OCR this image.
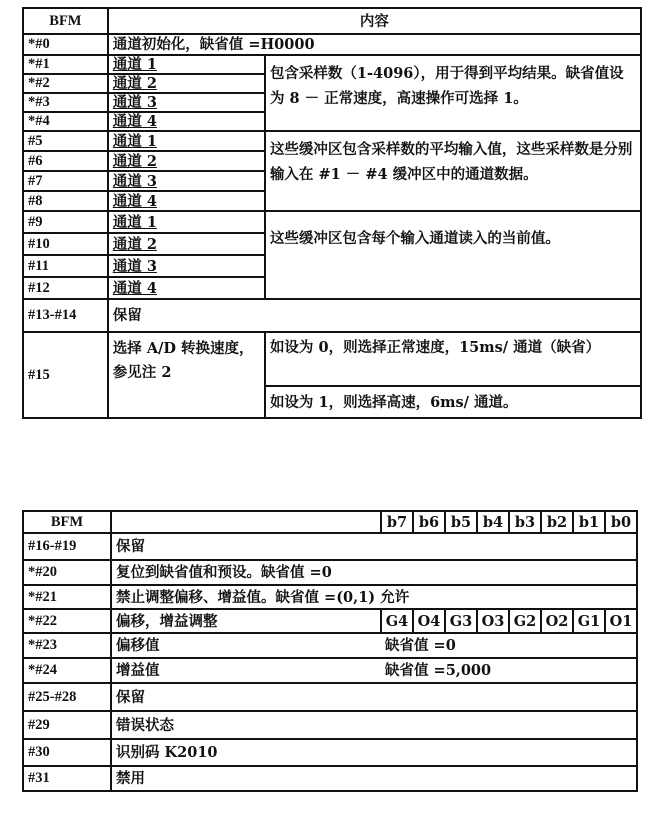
BFM	内容	
*#0	通道初始化，缺省值 =H0000	
*#1	通道 1	包含采样数（1-4096），用于得到平均结果。缺省值设为 8 － 正常速度，高速操作可选择 1。
*#2	通道 2	
*#3	通道 3	
*#4	通道 4	
#5	通道 1	这些缓冲区包含采样数的平均输入值，这些采样数是分别输入在 #1 － #4 缓冲区中的通道数据。
#6	通道 2	
#7	通道 3	
#8	通道 4	
#9	通道 1	这些缓冲区包含每个输入通道读入的当前值。
#10	通道 2	
#11	通道 3	
#12	通道 4	
#13-#14	保留	
#15	选择 A/D 转换速度，参见注 2	如设为 0，则选择正常速度，15ms/ 通道（缺省）
		如设为 1，则选择高速，6ms/ 通道。
BFM		b7	b6	b5	b4	b3	b2	b1	b0
#16-#19	保留								
*#20	复位到缺省值和预设。缺省值 =0								
*#21	禁止调整偏移、增益值。缺省值 =(0,1) 允许								
*#22	偏移，增益调整	G4	O4	G3	O3	G2	O2	G1	O1
*#23	偏移值	缺省值 =0							
*#24	增益值	缺省值 =5,000							
#25-#28	保留								
#29	错误状态								
#30	识别码 K2010								
#31	禁用								
